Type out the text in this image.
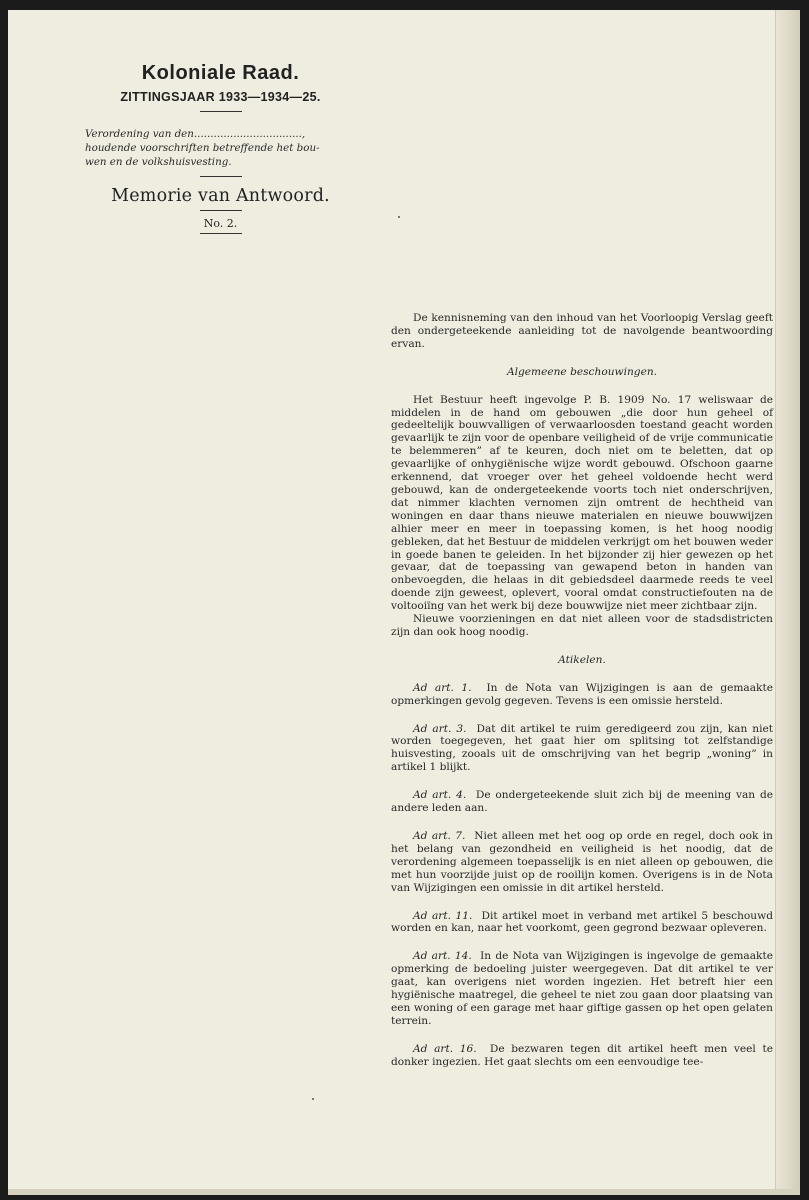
Koloniale Raad.
ZITTINGSJAAR 1933—1934—25.
Verordening van den.................................,
houdende voorschriften betreffende het bou-
wen en de volkshuisvesting.
Memorie van Antwoord.
No. 2.

De kennisneming van den inhoud van het Voorloopig Verslag geeft den ondergeteekende aanleiding tot de navolgende beantwoording ervan.

Algemeene beschouwingen.

Het Bestuur heeft ingevolge P. B. 1909 No. 17 weliswaar de middelen in de hand om gebouwen „die door hun geheel of gedeeltelijk bouwvalligen of verwaarloosden toestand geacht worden gevaarlijk te zijn voor de openbare veiligheid of de vrije communicatie te belemmeren” af te keuren, doch niet om te beletten, dat op gevaarlijke of onhygiënische wijze wordt gebouwd. Ofschoon gaarne erkennend, dat vroeger over het geheel voldoende hecht werd gebouwd, kan de ondergeteekende voorts toch niet onderschrijven, dat nimmer klachten vernomen zijn omtrent de hechtheid van woningen en daar thans nieuwe materialen en nieuwe bouwwijzen alhier meer en meer in toepassing komen, is het hoog noodig gebleken, dat het Bestuur de middelen verkrijgt om het bouwen weder in goede banen te geleiden. In het bijzonder zij hier gewezen op het gevaar, dat de toepassing van gewapend beton in handen van onbevoegden, die helaas in dit gebiedsdeel daarmede reeds te veel doende zijn geweest, oplevert, vooral omdat constructiefouten na de voltooiïng van het werk bij deze bouwwijze niet meer zichtbaar zijn.

Nieuwe voorzieningen en dat niet alleen voor de stadsdistricten zijn dan ook hoog noodig.

Atikelen.

Ad art. 1. In de Nota van Wijzigingen is aan de gemaakte opmerkingen gevolg gegeven. Tevens is een omissie hersteld.

Ad art. 3. Dat dit artikel te ruim geredigeerd zou zijn, kan niet worden toegegeven, het gaat hier om splitsing tot zelfstandige huisvesting, zooals uit de omschrijving van het begrip „woning” in artikel 1 blijkt.

Ad art. 4. De ondergeteekende sluit zich bij de meening van de andere leden aan.

Ad art. 7. Niet alleen met het oog op orde en regel, doch ook in het belang van gezondheid en veiligheid is het noodig, dat de verordening algemeen toepasselijk is en niet alleen op gebouwen, die met hun voorzijde juist op de rooilijn komen. Overigens is in de Nota van Wijzigingen een omissie in dit artikel hersteld.

Ad art. 11. Dit artikel moet in verband met artikel 5 beschouwd worden en kan, naar het voorkomt, geen gegrond bezwaar opleveren.

Ad art. 14. In de Nota van Wijzigingen is ingevolge de gemaakte opmerking de bedoeling juister weergegeven. Dat dit artikel te ver gaat, kan overigens niet worden ingezien. Het betreft hier een hygiënische maatregel, die geheel te niet zou gaan door plaatsing van een woning of een garage met haar giftige gassen op het open gelaten terrein.

Ad art. 16. De bezwaren tegen dit artikel heeft men veel te donker ingezien. Het gaat slechts om een eenvoudige tee-
